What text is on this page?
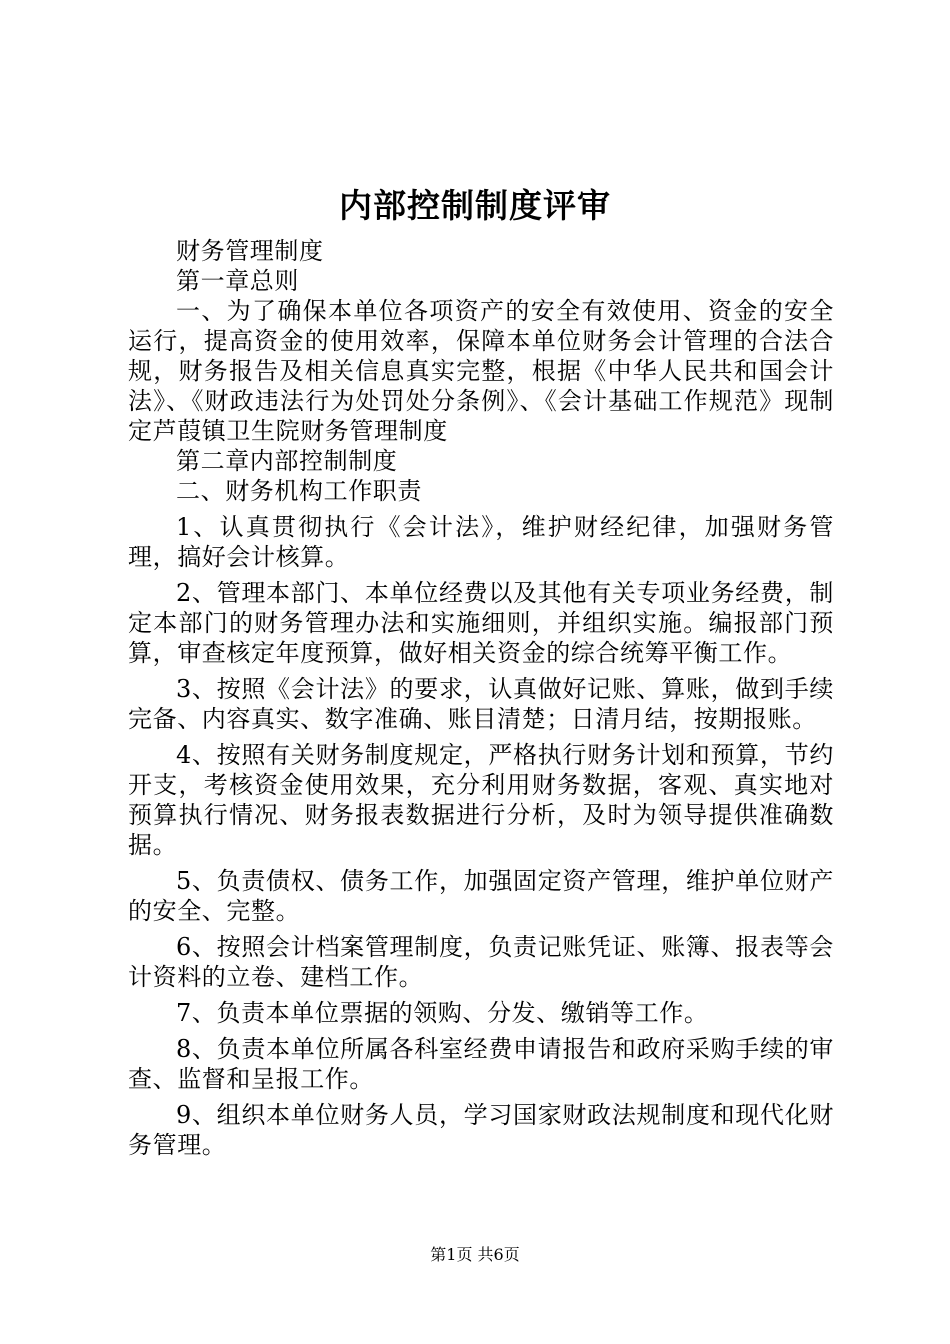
内部控制制度评审

财务管理制度

第一章总则

一、为了确保本单位各项资产的安全有效使用、资金的安全运行，提高资金的使用效率，保障本单位财务会计管理的合法合规，财务报告及相关信息真实完整，根据《中华人民共和国会计法》、《财政违法行为处罚处分条例》、《会计基础工作规范》现制定芦葭镇卫生院财务管理制度

第二章内部控制制度

二、财务机构工作职责

1、认真贯彻执行《会计法》，维护财经纪律，加强财务管理，搞好会计核算。

2、管理本部门、本单位经费以及其他有关专项业务经费，制定本部门的财务管理办法和实施细则，并组织实施。编报部门预算，审查核定年度预算，做好相关资金的综合统筹平衡工作。

3、按照《会计法》的要求，认真做好记账、算账，做到手续完备、内容真实、数字准确、账目清楚；日清月结，按期报账。

4、按照有关财务制度规定，严格执行财务计划和预算，节约开支，考核资金使用效果，充分利用财务数据，客观、真实地对预算执行情况、财务报表数据进行分析，及时为领导提供准确数据。

5、负责债权、债务工作，加强固定资产管理，维护单位财产的安全、完整。

6、按照会计档案管理制度，负责记账凭证、账簿、报表等会计资料的立卷、建档工作。

7、负责本单位票据的领购、分发、缴销等工作。

8、负责本单位所属各科室经费申请报告和政府采购手续的审查、监督和呈报工作。

9、组织本单位财务人员，学习国家财政法规制度和现代化财务管理。

第1页 共6页
